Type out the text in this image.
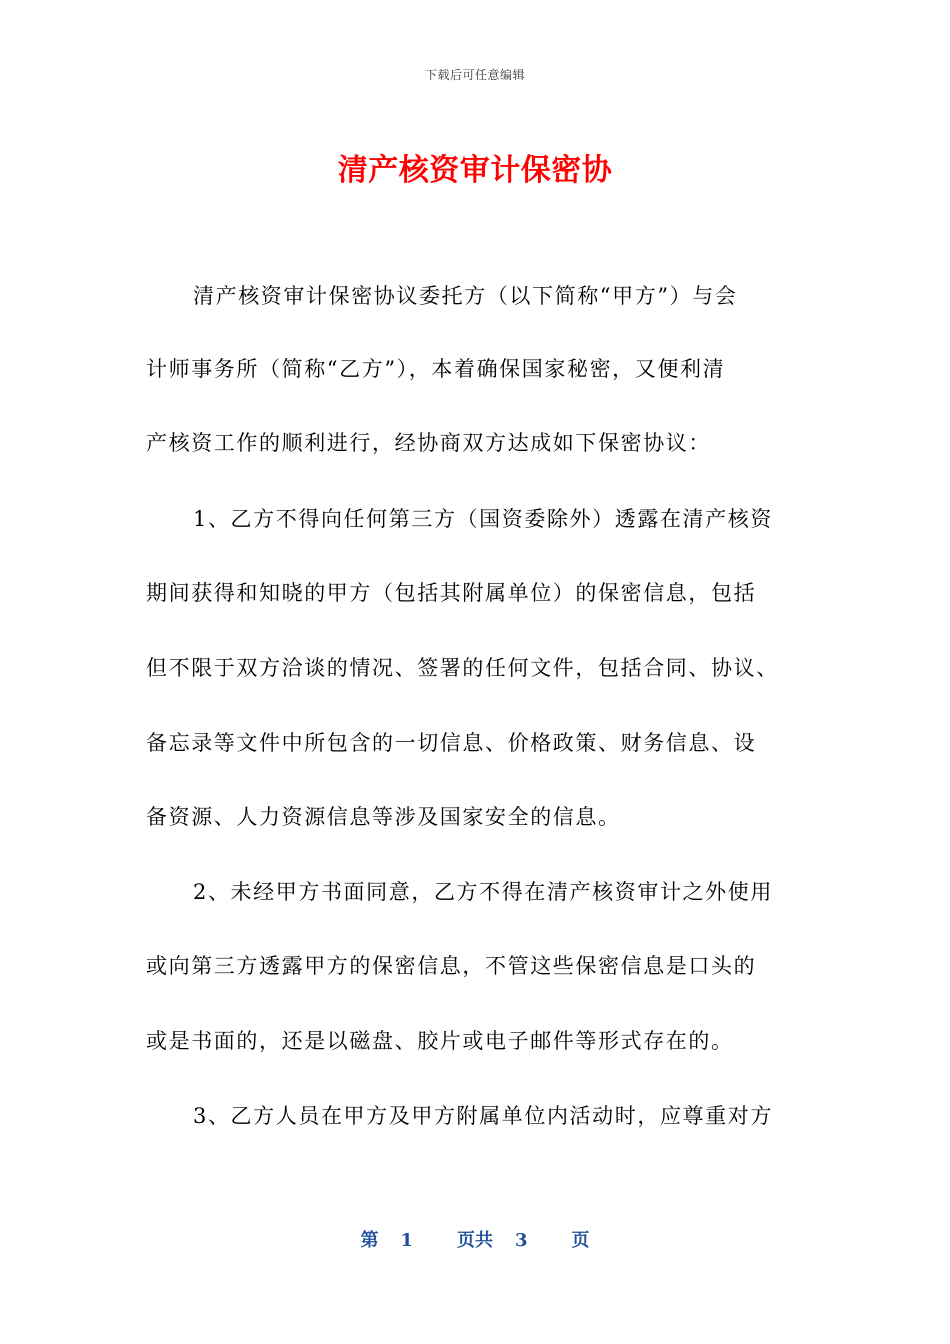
下载后可任意编辑
清产核资审计保密协
清产核资审计保密协议委托方（以下简称“甲方”）与会
计师事务所（简称“乙方”），本着确保国家秘密，又便利清
产核资工作的顺利进行，经协商双方达成如下保密协议：
1、乙方不得向任何第三方（国资委除外）透露在清产核资
期间获得和知晓的甲方（包括其附属单位）的保密信息，包括
但不限于双方洽谈的情况、签署的任何文件，包括合同、协议、
备忘录等文件中所包含的一切信息、价格政策、财务信息、设
备资源、人力资源信息等涉及国家安全的信息。
2、未经甲方书面同意，乙方不得在清产核资审计之外使用
或向第三方透露甲方的保密信息，不管这些保密信息是口头的
或是书面的，还是以磁盘、胶片或电子邮件等形式存在的。
3、乙方人员在甲方及甲方附属单位内活动时，应尊重对方
第 1 页共 3 页
